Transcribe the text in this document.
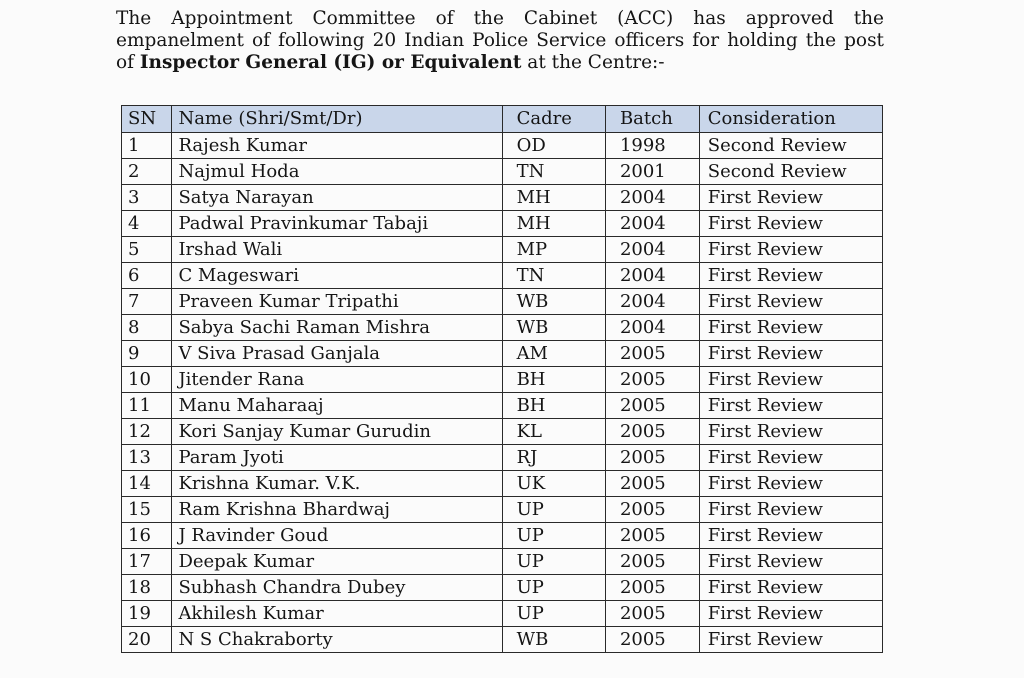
The Appointment Committee of the Cabinet (ACC) has approved the
empanelment of following 20 Indian Police Service officers for holding the post
of Inspector General (IG) or Equivalent at the Centre:-
SN	Name (Shri/Smt/Dr)	Cadre	Batch	Consideration
1	Rajesh Kumar	OD	1998	Second Review
2	Najmul Hoda	TN	2001	Second Review
3	Satya Narayan	MH	2004	First Review
4	Padwal Pravinkumar Tabaji	MH	2004	First Review
5	Irshad Wali	MP	2004	First Review
6	C Mageswari	TN	2004	First Review
7	Praveen Kumar Tripathi	WB	2004	First Review
8	Sabya Sachi Raman Mishra	WB	2004	First Review
9	V Siva Prasad Ganjala	AM	2005	First Review
10	Jitender Rana	BH	2005	First Review
11	Manu Maharaaj	BH	2005	First Review
12	Kori Sanjay Kumar Gurudin	KL	2005	First Review
13	Param Jyoti	RJ	2005	First Review
14	Krishna Kumar. V.K.	UK	2005	First Review
15	Ram Krishna Bhardwaj	UP	2005	First Review
16	J Ravinder Goud	UP	2005	First Review
17	Deepak Kumar	UP	2005	First Review
18	Subhash Chandra Dubey	UP	2005	First Review
19	Akhilesh Kumar	UP	2005	First Review
20	N S Chakraborty	WB	2005	First Review
